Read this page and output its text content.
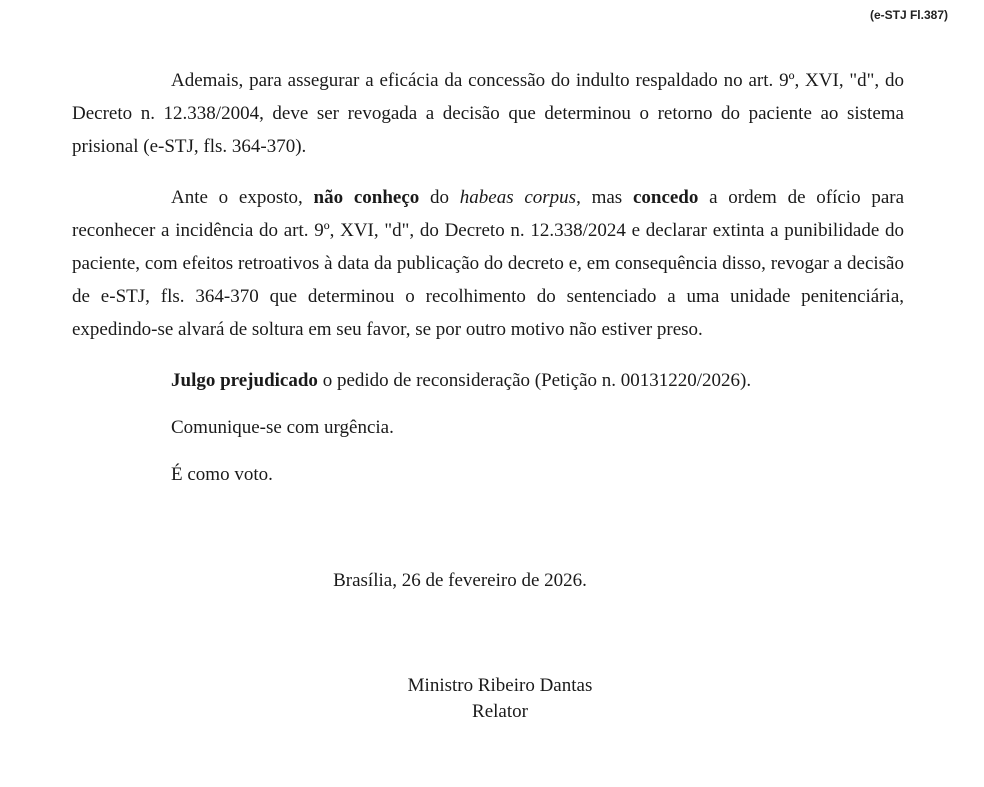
(e-STJ Fl.387)

Ademais, para assegurar a eficácia da concessão do indulto respaldado no art. 9º, XVI, "d", do Decreto n. 12.338/2004, deve ser revogada a decisão que determinou o retorno do paciente ao sistema prisional (e-STJ, fls. 364-370).

Ante o exposto, não conheço do habeas corpus, mas concedo a ordem de ofício para reconhecer a incidência do art. 9º, XVI, "d", do Decreto n. 12.338/2024 e declarar extinta a punibilidade do paciente, com efeitos retroativos à data da publicação do decreto e, em consequência disso, revogar a decisão de e-STJ, fls. 364-370 que determinou o recolhimento do sentenciado a uma unidade penitenciária, expedindo-se alvará de soltura em seu favor, se por outro motivo não estiver preso.

Julgo prejudicado o pedido de reconsideração (Petição n. 00131220/2026).

Comunique-se com urgência.

É como voto.

Brasília, 26 de fevereiro de 2026.
Ministro Ribeiro Dantas
Relator
